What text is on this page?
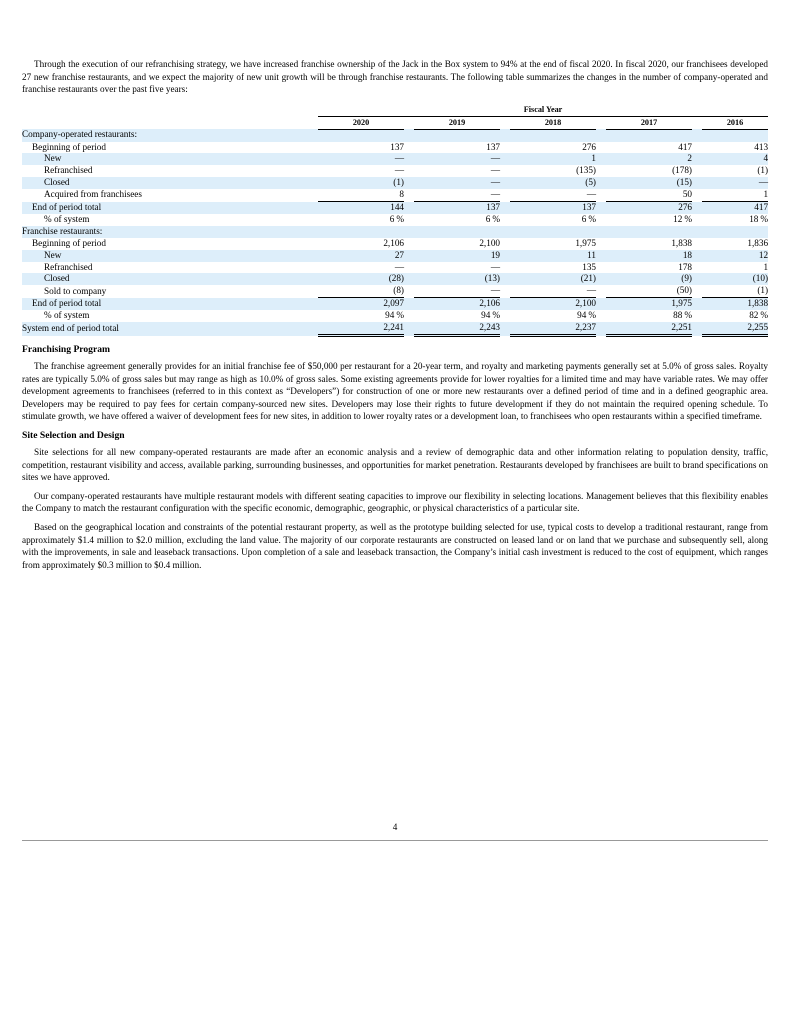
Through the execution of our refranchising strategy, we have increased franchise ownership of the Jack in the Box system to 94% at the end of fiscal 2020. In fiscal 2020, our franchisees developed 27 new franchise restaurants, and we expect the majority of new unit growth will be through franchise restaurants. The following table summarizes the changes in the number of company-operated and franchise restaurants over the past five years:

	Fiscal Year								
	2020		2019		2018		2017		2016
Company-operated restaurants:									
Beginning of period	137		137		276		417		413
New	—		—		1		2		4
Refranchised	—		—		(135)		(178)		(1)
Closed	(1)		—		(5)		(15)		—
Acquired from franchisees	8		—		—		50		1
End of period total	144		137		137		276		417
% of system	6 %		6 %		6 %		12 %		18 %
Franchise restaurants:									
Beginning of period	2,106		2,100		1,975		1,838		1,836
New	27		19		11		18		12
Refranchised	—		—		135		178		1
Closed	(28)		(13)		(21)		(9)		(10)
Sold to company	(8)		—		—		(50)		(1)
End of period total	2,097		2,106		2,100		1,975		1,838
% of system	94 %		94 %		94 %		88 %		82 %
System end of period total	2,241		2,243		2,237		2,251		2,255
Franchising Program

The franchise agreement generally provides for an initial franchise fee of $50,000 per restaurant for a 20-year term, and royalty and marketing payments generally set at 5.0% of gross sales. Royalty rates are typically 5.0% of gross sales but may range as high as 10.0% of gross sales. Some existing agreements provide for lower royalties for a limited time and may have variable rates. We may offer development agreements to franchisees (referred to in this context as “Developers”) for construction of one or more new restaurants over a defined period of time and in a defined geographic area. Developers may be required to pay fees for certain company-sourced new sites. Developers may lose their rights to future development if they do not maintain the required opening schedule. To stimulate growth, we have offered a waiver of development fees for new sites, in addition to lower royalty rates or a development loan, to franchisees who open restaurants within a specified timeframe.

Site Selection and Design

Site selections for all new company-operated restaurants are made after an economic analysis and a review of demographic data and other information relating to population density, traffic, competition, restaurant visibility and access, available parking, surrounding businesses, and opportunities for market penetration. Restaurants developed by franchisees are built to brand specifications on sites we have approved.

Our company-operated restaurants have multiple restaurant models with different seating capacities to improve our flexibility in selecting locations. Management believes that this flexibility enables the Company to match the restaurant configuration with the specific economic, demographic, geographic, or physical characteristics of a particular site.

Based on the geographical location and constraints of the potential restaurant property, as well as the prototype building selected for use, typical costs to develop a traditional restaurant, range from approximately $1.4 million to $2.0 million, excluding the land value. The majority of our corporate restaurants are constructed on leased land or on land that we purchase and subsequently sell, along with the improvements, in sale and leaseback transactions. Upon completion of a sale and leaseback transaction, the Company’s initial cash investment is reduced to the cost of equipment, which ranges from approximately $0.3 million to $0.4 million.

4
